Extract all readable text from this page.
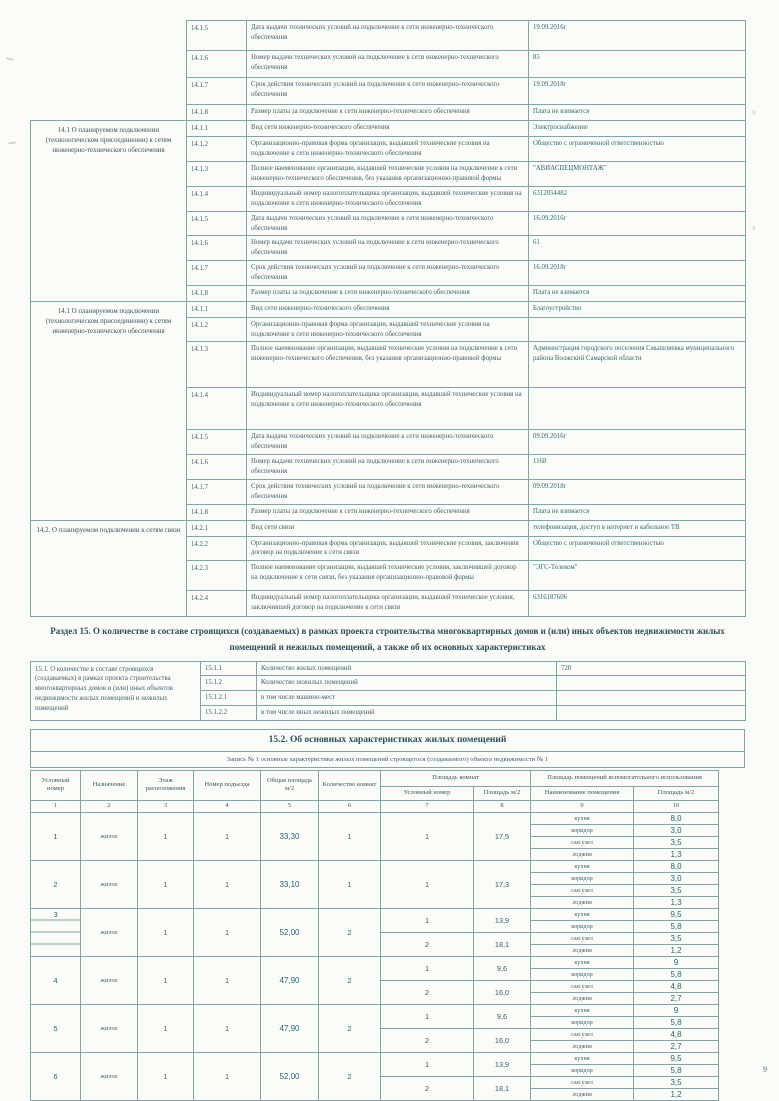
	14.1.5	Дата выдачи технических условий на подключение к сети инженерно-технического обеспечения	19.09.2016г
	14.1.6	Номер выдачи технических условий на подключение к сети инженерно-технического обеспечения	85
	14.1.7	Срок действия технических условий на подключение к сети инженерно-технического обеспечения	19.09.2018г
	14.1.8	Размер платы за подключение к сети инженерно-технического обеспечения	Плата не взимается
14.1 О планируемом подключении (технологическом присоединении) к сетям инженерно-технического обеспечения	14.1.1	Вид сети инженерно-технического обеспечения	Электроснабжение
	14.1.2	Организационно-правовая форма организации, выдавшей технические условия на подключение к сети инженерно-технического обеспечения	Общество с ограниченной ответственностью
	14.1.3	Полное наименование организации, выдавшей технические условия на подключение к сети инженерно-технического обеспечения, без указания организационно-правовой формы	"АВИАСПЕЦМОНТАЖ"
	14.1.4	Индивидуальный номер налогоплательщика организации, выдавшей технические условия на подключение к сети инженерно-технического обеспечения	6312054482
	14.1.5	Дата выдачи технических условий на подключение к сети инженерно-технического обеспечения	16.09.2016г
	14.1.6	Номер выдачи технических условий на подключение к сети инженерно-технического обеспечения	61
	14.1.7	Срок действия технических условий на подключение к сети инженерно-технического обеспечения	16.09.2018г
	14.1.8	Размер платы за подключение к сети инженерно-технического обеспечения	Плата не взимается
14.1 О планируемом подключении (технологическом присоединении) к сетям инженерно-технического обеспечения	14.1.1	Вид сети инженерно-технического обеспечения	Благоустройство
	14.1.2	Организационно-правовая форма организации, выдавшей технические условия на подключение к сети инженерно-технического обеспечения	
	14.1.3	Полное наименование организации, выдавшей технические условия на подключение к сети инженерно-технического обеспечения, без указания организационно-правовой формы	Администрация городского поселения Смышляевка муниципального района Волжский Самарской области
	14.1.4	Индивидуальный номер налогоплательщика организации, выдавшей технические условия на подключение к сети инженерно-технического обеспечения	
	14.1.5	Дата выдачи технических условий на подключение к сети инженерно-технического обеспечения	09.09.2016г
	14.1.6	Номер выдачи технических условий на подключение к сети инженерно-технического обеспечения	1168
	14.1.7	Срок действия технических условий на подключение к сети инженерно-технического обеспечения	09.09.2018г
	14.1.8	Размер платы за подключение к сети инженерно-технического обеспечения	Плата не взимается
14.2. О планируемом подключении к сетям связи	14.2.1	Вид сети связи	телефонизация, доступ в интернет и кабельное ТВ
	14.2.2	Организационно-правовая форма организации, выдавшей технические условия, заключения договор на подключение к сети связи	Общество с ограниченной ответственностью
	14.2.3	Полное наименование организации, выдавшей технические условия, заключившей договор на подключение к сети связи, без указания организационно-правовой формы	"ЭГС-Телеком"
	14.2.4	Индивидуальный номер налогоплательщика организации, выдавшей техническое условия, заключившей договор на подключение к сети связи	6316187606
Раздел 15. О количестве в составе строящихся (создаваемых) в рамках проекта строительства многоквартирных домов и (или) иных объектов недвижимости жилых помещений и нежилых помещений, а также об их основных характеристиках
15.1. О количестве в составе строящихся (создаваемых) в рамках проекта строительства многоквартирных домов и (или) иных объектов недвижимости жилых помещений и нежилых помещений	15.1.1	Количество жилых помещений	720
	15.1.2	Количество нежилых помещений	
	15.1.2.1	в том числе машино-мест	
	15.1.2.2	в том числе иных нежилых помещений	
15.2. Об основных характеристиках жилых помещений
Запись № 1 основные характеристики жилых помещений строящегося (создаваемого) объекта недвижимости № 1
Условный номер	Назначение	Этаж расположения	Номер подъезда	Общая площадь м/2	Количество комнат	Площадь комнат		Площадь помещений вспомогательного использования	
						Условный номер	Площадь м/2	Наименование помещения	Площадь м/2
1	2	3	4	5	6	7	8	9	10
1	жилое	1	1	33,30	1	1	17,5	кухня	8,0
								коридор	3,0
								сан.узел	3,5
								лоджия	1,3
2	жилое	1	1	33,10	1	1	17,3	кухня	8,0
								коридор	3,0
								сан.узел	3,5
								лоджия	1,3
3	жилое	1	1	52,00	2	1	13,9	кухня	9,5
								коридор	5,8
						2	18,1	сан.узел	3,5
								лоджия	1,2
4	жилое	1	1	47,90	2	1	9,6	кухня	9
								коридор	5,8
						2	16,0	сан.узел	4,8
								лоджия	2,7
5	жилое	1	1	47,90	2	1	9,6	кухня	9
								коридор	5,8
						2	16,0	сан.узел	4,8
								лоджия	2,7
6	жилое	1	1	52,00	2	1	13,9	кухня	9,5
								коридор	5,8
						2	18,1	сан.узел	3,5
								лоджия	1,2
9
х
х
